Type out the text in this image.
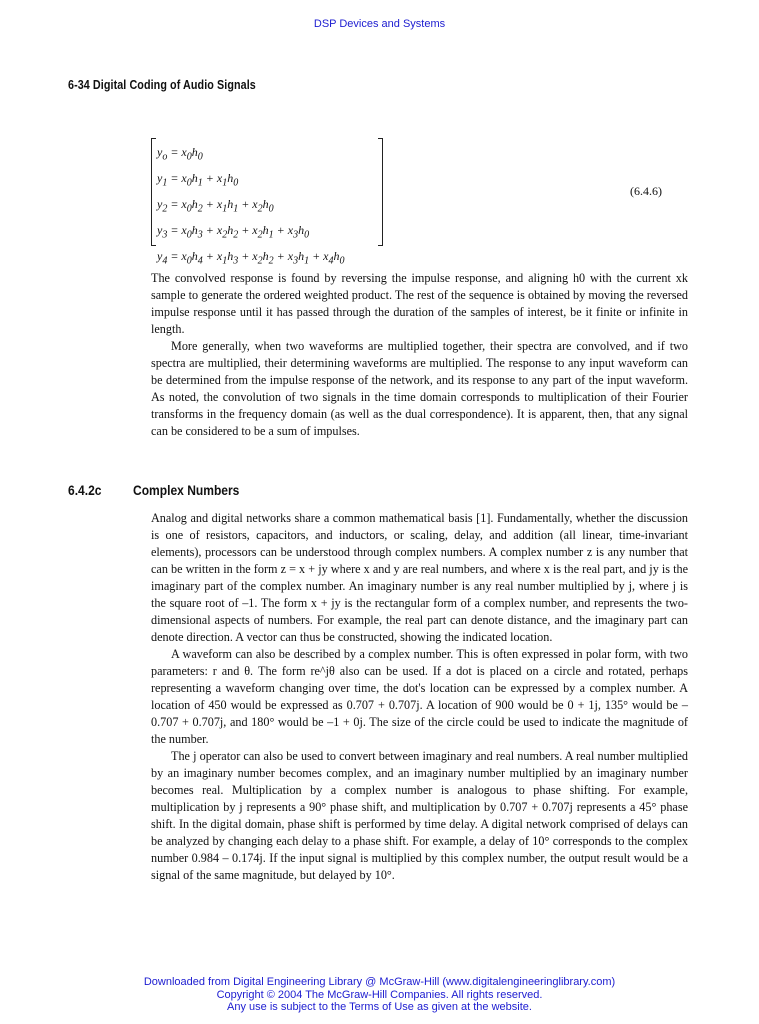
DSP Devices and Systems
6-34 Digital Coding of Audio Signals
$y_o = x_0h_0$
$y_1 = x_0h_1 + x_1h_0$
$y_2 = x_0h_2 + x_1h_1 + x_2h_0$
$y_3 = x_0h_3 + x_2h_2 + x_2h_1 + x_3h_0$
$y_4 = x_0h_4 + x_1h_3 + x_2h_2 + x_3h_1 + x_4h_0$
(6.4.6)

The convolved response is found by reversing the impulse response, and aligning h0 with the current xk sample to generate the ordered weighted product. The rest of the sequence is obtained by moving the reversed impulse response until it has passed through the duration of the samples of interest, be it finite or infinite in length.

More generally, when two waveforms are multiplied together, their spectra are convolved, and if two spectra are multiplied, their determining waveforms are multiplied. The response to any input waveform can be determined from the impulse response of the network, and its response to any part of the input waveform. As noted, the convolution of two signals in the time domain corresponds to multiplication of their Fourier transforms in the frequency domain (as well as the dual correspondence). It is apparent, then, that any signal can be considered to be a sum of impulses.

6.4.2c Complex Numbers

Analog and digital networks share a common mathematical basis [1]. Fundamentally, whether the discussion is one of resistors, capacitors, and inductors, or scaling, delay, and addition (all linear, time-invariant elements), processors can be understood through complex numbers. A complex number z is any number that can be written in the form z = x + jy where x and y are real numbers, and where x is the real part, and jy is the imaginary part of the complex number. An imaginary number is any real number multiplied by j, where j is the square root of –1. The form x + jy is the rectangular form of a complex number, and represents the two-dimensional aspects of numbers. For example, the real part can denote distance, and the imaginary part can denote direction. A vector can thus be constructed, showing the indicated location.

A waveform can also be described by a complex number. This is often expressed in polar form, with two parameters: r and θ. The form re^jθ also can be used. If a dot is placed on a circle and rotated, perhaps representing a waveform changing over time, the dot's location can be expressed by a complex number. A location of 450 would be expressed as 0.707 + 0.707j. A location of 900 would be 0 + 1j, 135° would be –0.707 + 0.707j, and 180° would be –1 + 0j. The size of the circle could be used to indicate the magnitude of the number.

The j operator can also be used to convert between imaginary and real numbers. A real number multiplied by an imaginary number becomes complex, and an imaginary number multiplied by an imaginary number becomes real. Multiplication by a complex number is analogous to phase shifting. For example, multiplication by j represents a 90° phase shift, and multiplication by 0.707 + 0.707j represents a 45° phase shift. In the digital domain, phase shift is performed by time delay. A digital network comprised of delays can be analyzed by changing each delay to a phase shift. For example, a delay of 10° corresponds to the complex number 0.984 – 0.174j. If the input signal is multiplied by this complex number, the output result would be a signal of the same magnitude, but delayed by 10°.

Downloaded from Digital Engineering Library @ McGraw-Hill (www.digitalengineeringlibrary.com)
Copyright © 2004 The McGraw-Hill Companies. All rights reserved.
Any use is subject to the Terms of Use as given at the website.
